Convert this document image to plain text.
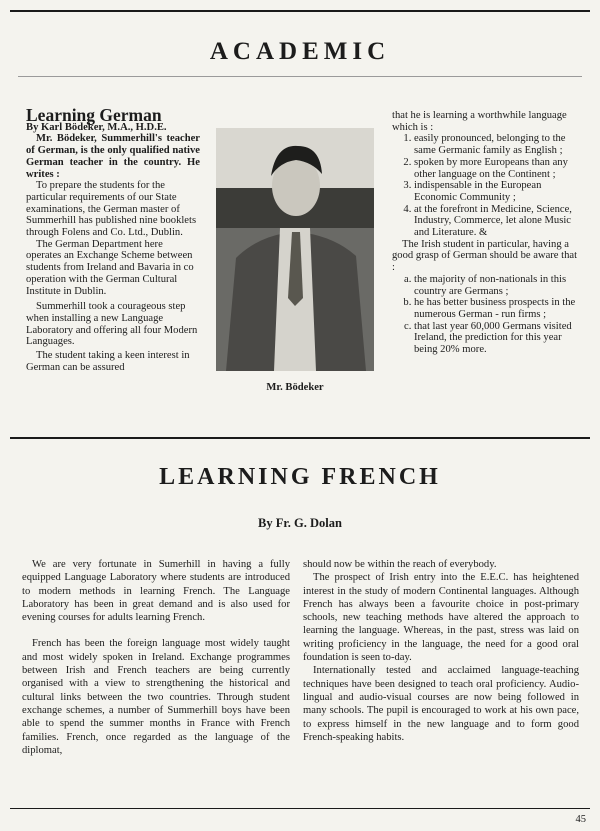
ACADEMIC
Learning German

By Karl Bödeker, M.A., H.D.E.

Mr. Bödeker, Summerhill's teacher of German, is the only qualified native German teacher in the country. He writes :

To prepare the students for the particular requirements of our State examinations, the German master of Summerhill has published nine booklets through Folens and Co. Ltd., Dublin.

The German Department here operates an Exchange Scheme between students from Ireland and Bavaria in co operation with the German Cultural Institute in Dublin.

Summerhill took a courageous step when installing a new Language Laboratory and offering all four Modern Languages.

The student taking a keen interest in German can be assured

Mr. Bödeker

that he is learning a worthwhile language which is :

1. easily pronounced, belonging to the same Germanic family as English ;
2. spoken by more Europeans than any other language on the Continent ;
3. indispensable in the European Economic Community ;
4. at the forefront in Medicine, Science, Industry, Commerce, let alone Music and Literature. &

The Irish student in particular, having a good grasp of German should be aware that :

a. the majority of non-nationals in this country are Germans ;
b. he has better business prospects in the numerous German - run firms ;
c. that last year 60,000 Germans visited Ireland, the prediction for this year being 20% more.
LEARNING FRENCH
By Fr. G. Dolan

We are very fortunate in Sumerhill in having a fully equipped Language Laboratory where students are introduced to modern methods in learning French. The Language Laboratory has been in great demand and is also used for evening courses for adults learning French.

French has been the foreign language most widely taught and most widely spoken in Ireland. Exchange programmes between Irish and French teachers are being currently organised with a view to strengthening the historical and cultural links between the two countries. Through student exchange schemes, a number of Summerhill boys have been able to spend the summer months in France with French families. French, once regarded as the language of the diplomat,

should now be within the reach of everybody.

The prospect of Irish entry into the E.E.C. has heightened interest in the study of modern Continental languages. Although French has always been a favourite choice in post-primary schools, new teaching methods have altered the approach to learning the language. Whereas, in the past, stress was laid on writing proficiency in the language, the need for a good oral foundation is seen to-day.

Internationally tested and acclaimed language-teaching techniques have been designed to teach oral proficiency. Audio-lingual and audio-visual courses are now being followed in many schools. The pupil is encouraged to work at his own pace, to express himself in the new language and to form good French-speaking habits.

45
